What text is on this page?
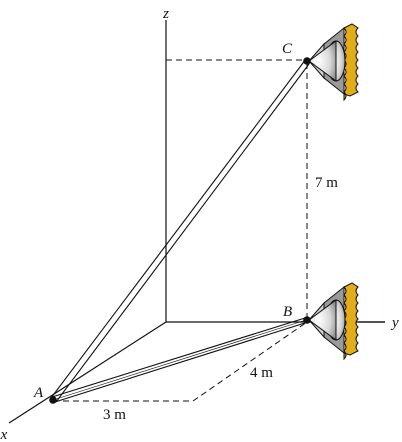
z
y
x
A
B
C
7 m
4 m
3 m
